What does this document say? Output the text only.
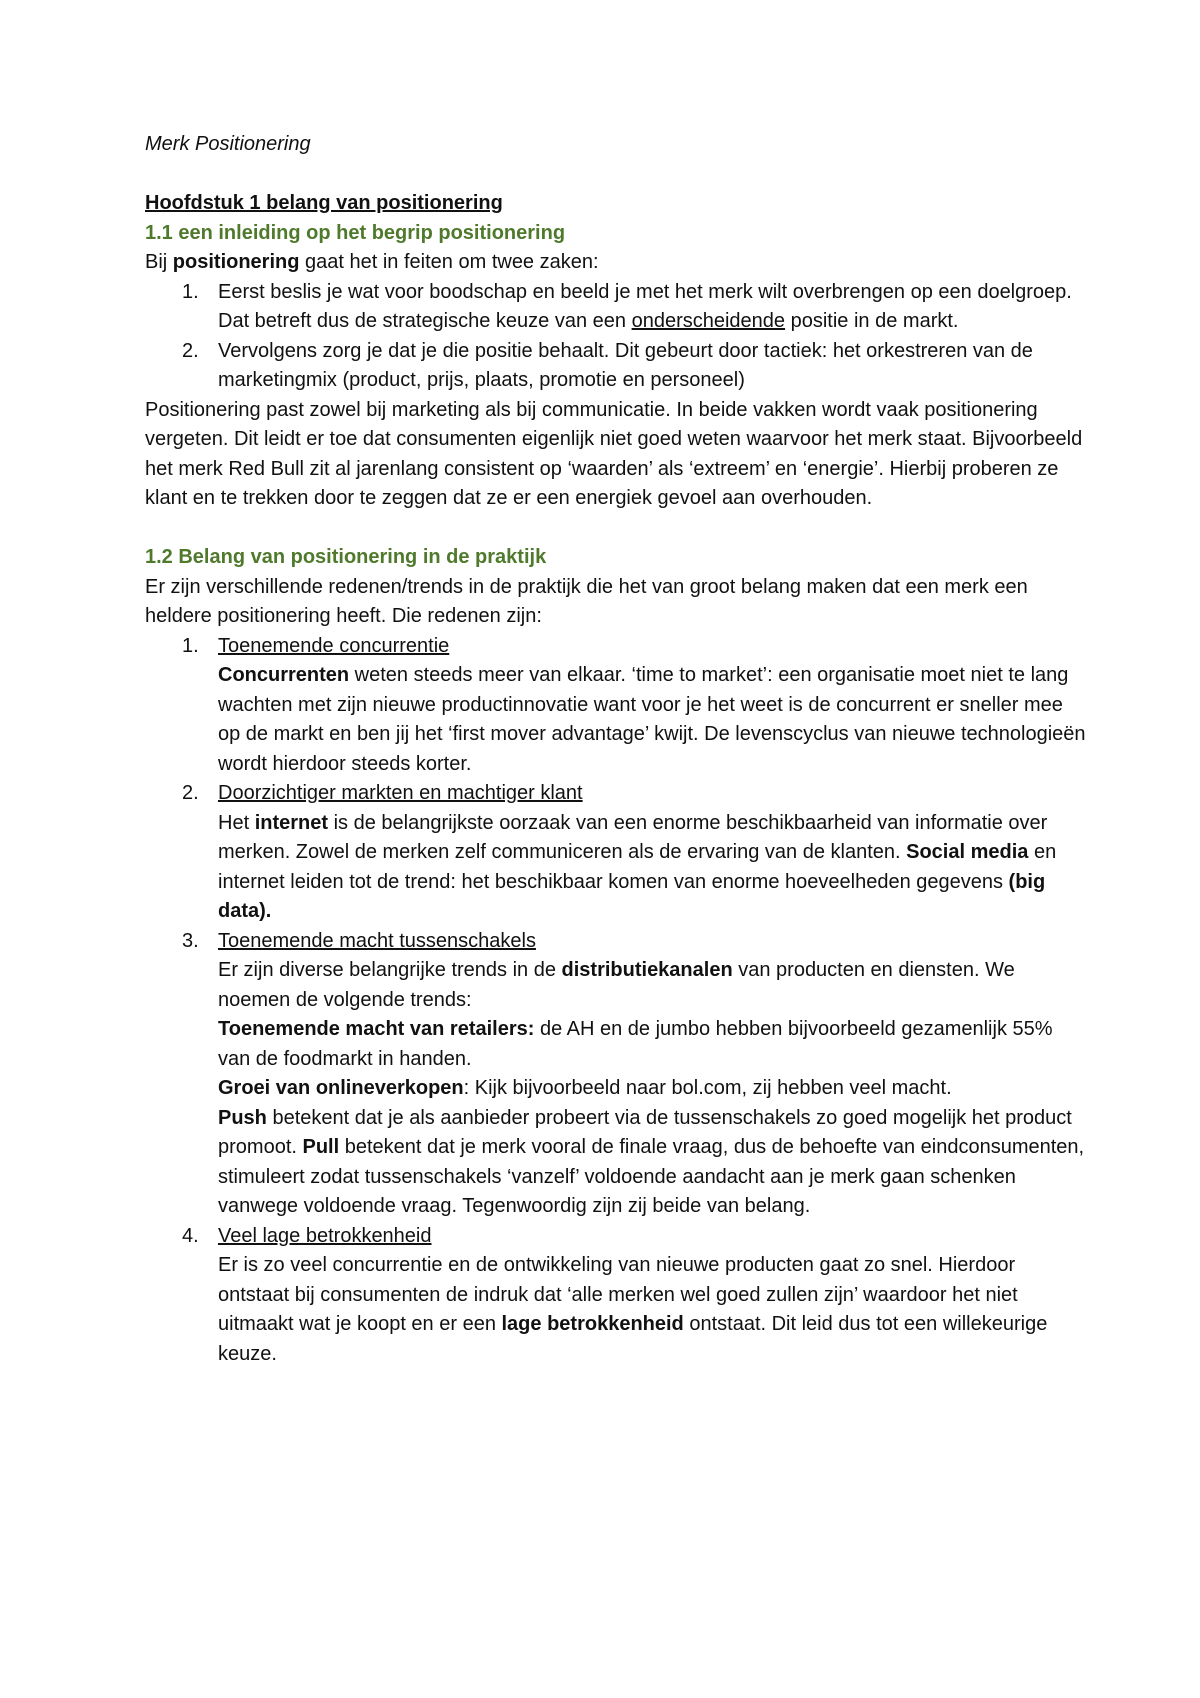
Merk Positionering
Hoofdstuk 1 belang van positionering
1.1 een inleiding op het begrip positionering
Bij positionering gaat het in feiten om twee zaken:
1. Eerst beslis je wat voor boodschap en beeld je met het merk wilt overbrengen op een doelgroep. Dat betreft dus de strategische keuze van een onderscheidende positie in de markt.
2. Vervolgens zorg je dat je die positie behaalt. Dit gebeurt door tactiek: het orkestreren van de marketingmix (product, prijs, plaats, promotie en personeel)
Positionering past zowel bij marketing als bij communicatie. In beide vakken wordt vaak positionering vergeten. Dit leidt er toe dat consumenten eigenlijk niet goed weten waarvoor het merk staat. Bijvoorbeeld het merk Red Bull zit al jarenlang consistent op ‘waarden’ als ‘extreem’ en ‘energie’. Hierbij proberen ze klant en te trekken door te zeggen dat ze er een energiek gevoel aan overhouden.
1.2 Belang van positionering in de praktijk
Er zijn verschillende redenen/trends in de praktijk die het van groot belang maken dat een merk een heldere positionering heeft. Die redenen zijn:
1. Toenemende concurrentie
Concurrenten weten steeds meer van elkaar. ‘time to market’: een organisatie moet niet te lang wachten met zijn nieuwe productinnovatie want voor je het weet is de concurrent er sneller mee op de markt en ben jij het ‘first mover advantage’ kwijt. De levenscyclus van nieuwe technologieën wordt hierdoor steeds korter.
2. Doorzichtiger markten en machtiger klant
Het internet is de belangrijkste oorzaak van een enorme beschikbaarheid van informatie over merken. Zowel de merken zelf communiceren als de ervaring van de klanten. Social media en internet leiden tot de trend: het beschikbaar komen van enorme hoeveelheden gegevens (big data).
3. Toenemende macht tussenschakels
Er zijn diverse belangrijke trends in de distributiekanalen van producten en diensten. We noemen de volgende trends:
Toenemende macht van retailers: de AH en de jumbo hebben bijvoorbeeld gezamenlijk 55% van de foodmarkt in handen.
Groei van onlineverkopen: Kijk bijvoorbeeld naar bol.com, zij hebben veel macht.
Push betekent dat je als aanbieder probeert via de tussenschakels zo goed mogelijk het product promoot. Pull betekent dat je merk vooral de finale vraag, dus de behoefte van eindconsumenten, stimuleert zodat tussenschakels ‘vanzelf’ voldoende aandacht aan je merk gaan schenken vanwege voldoende vraag. Tegenwoordig zijn zij beide van belang.
4. Veel lage betrokkenheid
Er is zo veel concurrentie en de ontwikkeling van nieuwe producten gaat zo snel. Hierdoor ontstaat bij consumenten de indruk dat ‘alle merken wel goed zullen zijn’ waardoor het niet uitmaakt wat je koopt en er een lage betrokkenheid ontstaat. Dit leid dus tot een willekeurige keuze.
